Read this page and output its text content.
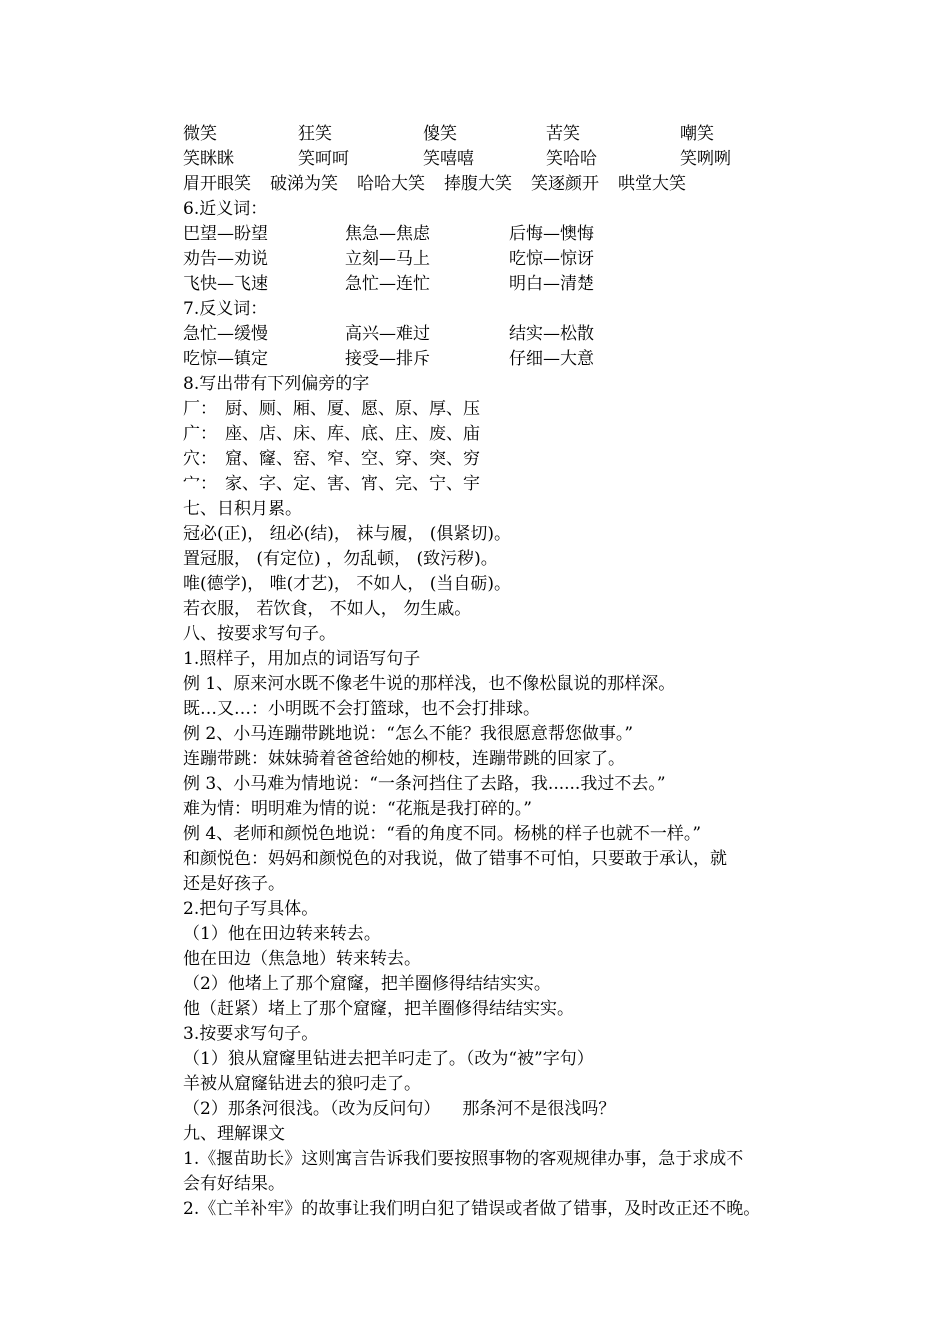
微笑	狂笑	傻笑	苦笑	嘲笑
笑眯眯	笑呵呵	笑嘻嘻	笑哈哈	笑咧咧
眉开眼笑 破涕为笑 哈哈大笑 捧腹大笑 笑逐颜开 哄堂大笑
6.近义词：
巴望—盼望	焦急—焦虑	后悔—懊悔
劝告—劝说	立刻—马上	吃惊—惊讶
飞快—飞速	急忙—连忙	明白—清楚
7.反义词：
急忙—缓慢	高兴—难过	结实—松散
吃惊—镇定	接受—排斥	仔细—大意
8.写出带有下列偏旁的字
厂： 厨、厕、厢、厦、愿、原、厚、压
广： 座、店、床、库、底、庄、废、庙
穴： 窟、窿、窑、窄、空、穿、突、穷
宀： 家、字、定、害、宵、完、宁、宇
七、日积月累。
冠必(正)， 纽必(结)， 袜与履， (俱紧切)。
置冠服， (有定位) ，勿乱顿， (致污秽)。
唯(德学)， 唯(才艺)， 不如人， (当自砺)。
若衣服， 若饮食， 不如人， 勿生戚。
八、按要求写句子。
1.照样子，用加点的词语写句子
例 1、原来河水既不像老牛说的那样浅，也不像松鼠说的那样深。
既…又…：小明既不会打篮球，也不会打排球。
例 2、小马连蹦带跳地说：“怎么不能？我很愿意帮您做事。”
连蹦带跳：妹妹骑着爸爸给她的柳枝，连蹦带跳的回家了。
例 3、小马难为情地说：“一条河挡住了去路，我......我过不去。”
难为情：明明难为情的说：“花瓶是我打碎的。”
例 4、老师和颜悦色地说：“看的角度不同。杨桃的样子也就不一样。”
和颜悦色：妈妈和颜悦色的对我说，做了错事不可怕，只要敢于承认，就
还是好孩子。
2.把句子写具体。
（1）他在田边转来转去。
他在田边（焦急地）转来转去。
（2）他堵上了那个窟窿，把羊圈修得结结实实。
他（赶紧）堵上了那个窟窿，把羊圈修得结结实实。
3.按要求写句子。
（1）狼从窟窿里钻进去把羊叼走了。（改为“被”字句）
羊被从窟窿钻进去的狼叼走了。
（2）那条河很浅。（改为反问句） 那条河不是很浅吗？
九、理解课文
1.《揠苗助长》这则寓言告诉我们要按照事物的客观规律办事，急于求成不
会有好结果。
2.《亡羊补牢》的故事让我们明白犯了错误或者做了错事，及时改正还不晚。
